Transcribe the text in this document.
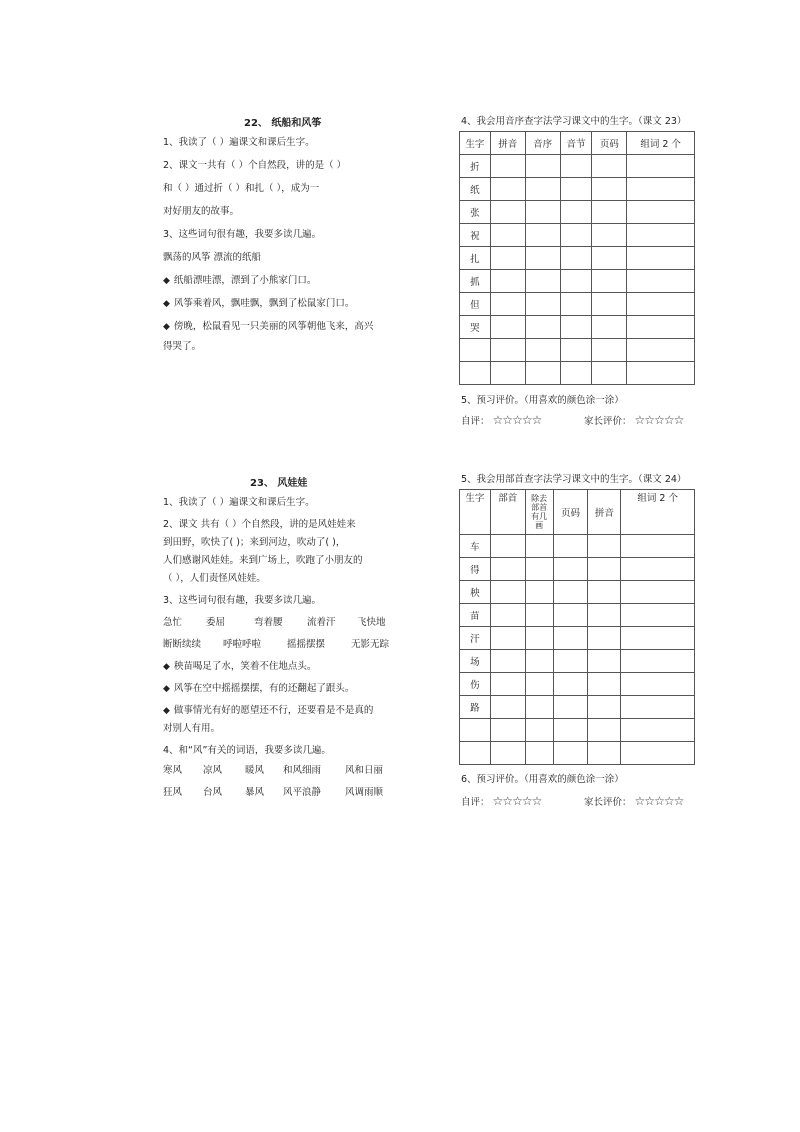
22、 纸船和风筝
1、我读了（ ）遍课文和课后生字。
2、课文一共有（ ）个自然段，讲的是（ ）
和（ ）通过折（ ）和扎（ ），成为一
对好朋友的故事。
3、这些词句很有趣，我要多读几遍。
飘荡的风筝 漂流的纸船
◆ 纸船漂哇漂，漂到了小熊家门口。
◆ 风筝乘着风，飘哇飘，飘到了松鼠家门口。
◆ 傍晚，松鼠看见一只美丽的风筝朝他飞来，高兴
得哭了。
4、我会用音序查字法学习课文中的生字。（课文 23）
生字	拼音	音序	音节	页码	组词 2 个
折					
纸					
张					
祝					
扎					
抓					
但					
哭					

5、预习评价。（用喜欢的颜色涂一涂）
自评： ☆☆☆☆☆	家长评价： ☆☆☆☆☆
23、 风娃娃
1、我读了（ ）遍课文和课后生字。
2、课文 共有（ ）个自然段，讲的是风娃娃来
到田野，吹快了( )；来到河边，吹动了( )，
人们感谢风娃娃。来到广场上，吹跑了小朋友的
（ ），人们责怪风娃娃。
3、这些词句很有趣，我要多读几遍。
急忙	委屈	弯着腰	流着汗	飞快地
断断续续	呼啦呼啦	摇摇摆摆	无影无踪
◆ 秧苗喝足了水，笑着不住地点头。
◆ 风筝在空中摇摇摆摆，有的还翻起了跟头。
◆ 做事情光有好的愿望还不行，还要看是不是真的
对别人有用。
4、和“风”有关的词语，我要多读几遍。
寒风	凉风	暖风	和风细雨	风和日丽
狂风	台风	暴风	风平浪静	风调雨顺
5、我会用部首查字法学习课文中的生字。（课文 24）
生字	部首	除去部首有几画	页码	拼音	组词 2 个
车					
得					
秧					
苗					
汗					
场					
伤					
路					

6、预习评价。（用喜欢的颜色涂一涂）
自评： ☆☆☆☆☆	家长评价： ☆☆☆☆☆
